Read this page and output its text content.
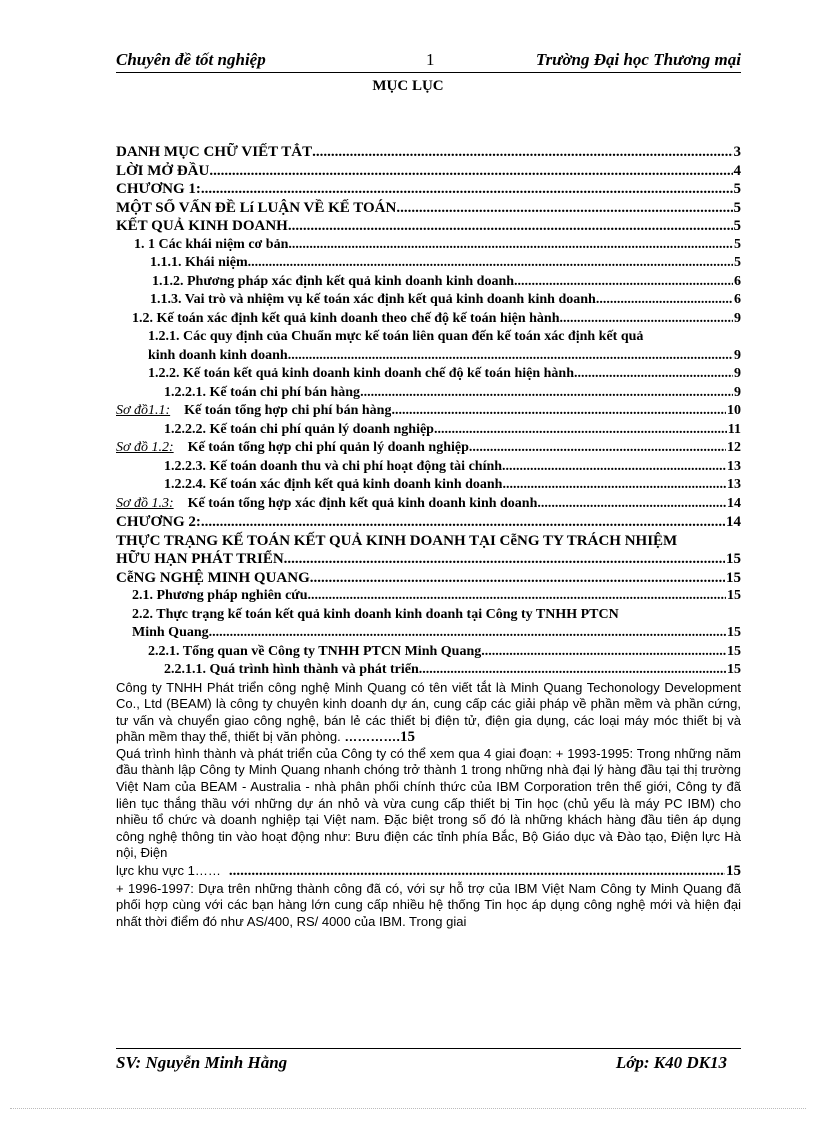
Chuyên đề tốt nghiệp	1	Trường Đại học Thương mại
MỤC LỤC
DANH MỤC CHỮ VIẾT TẮT .....	3
LỜI MỞ ĐẦU .....	4
CHƯƠNG 1: .....	5
MỘT SỐ VẤN ĐỀ Lí LUẬN VỀ KẾ TOÁN .....	5
KẾT QUẢ KINH DOANH .....	5
1. 1 Các khái niệm cơ bản .....	5
1.1.1. Khái niệm .....	5
1.1.2. Phương pháp xác định kết quả kinh doanh kinh doanh .....	6
1.1.3. Vai trò và nhiệm vụ kế toán xác định kết quả kinh doanh kinh doanh .....	6
1.2. Kế toán xác định kết quả kinh doanh theo chế độ kế toán hiện hành .....	9
1.2.1. Các quy định của Chuẩn mực kế toán liên quan đến kế toán xác định kết quả
kinh doanh kinh doanh .....	9
1.2.2. Kế toán kết quả kinh doanh kinh doanh chế độ kế toán hiện hành .....	9
1.2.2.1. Kế toán chi phí bán hàng .....	9
Sơ đồ1.1: Kế toán tổng hợp chi phí bán hàng .....	10
1.2.2.2. Kế toán chi phí quản lý doanh nghiệp .....	11
Sơ đồ 1.2: Kế toán tổng hợp chi phí quản lý doanh nghiệp .....	12
1.2.2.3. Kế toán doanh thu và chi phí hoạt động tài chính .....	13
1.2.2.4. Kế toán xác định kết quả kinh doanh kinh doanh .....	13
Sơ đồ 1.3: Kế toán tổng hợp xác định kết quả kinh doanh kinh doanh .....	14
CHƯƠNG 2: .....	14
THỰC TRẠNG KẾ TOÁN KẾT QUẢ KINH DOANH TẠI CễNG TY TRÁCH NHIỆM
HỮU HẠN PHÁT TRIỂN .....	15
CễNG NGHỆ MINH QUANG .....	15
2.1. Phương pháp nghiên cứu .....	15
2.2. Thực trạng kế toán kết quả kinh doanh kinh doanh tại Công ty TNHH PTCN
Minh Quang .....	15
2.2.1. Tổng quan về Công ty TNHH PTCN Minh Quang .....	15
2.2.1.1. Quá trình hình thành và phát triển .....	15
Công ty TNHH Phát triển công nghệ Minh Quang có tên viết tắt là Minh Quang Techonology Development Co., Ltd (BEAM) là công ty chuyên kinh doanh dự án, cung cấp các giải pháp về phần mềm và phần cứng, tư vấn và chuyển giao công nghệ, bán lẻ các thiết bị điện tử, điện gia dụng, các loại máy móc thiết bị và phần mềm thay thế, thiết bị văn phòng. ………….15
Quá trình hình thành và phát triển của Công ty có thể xem qua 4 giai đoạn: + 1993-1995: Trong những năm đầu thành lập Công ty Minh Quang nhanh chóng trở thành 1 trong những nhà đại lý hàng đầu tại thị trường Việt Nam của BEAM - Australia - nhà phân phối chính thức của IBM Corporation trên thế giới, Công ty đã liên tục thắng thầu với những dự án nhỏ và vừa cung cấp thiết bị Tin học (chủ yếu là máy PC IBM) cho nhiều tổ chức và doanh nghiệp tại Việt nam. Đặc biệt trong số đó là những khách hàng đầu tiên áp dụng công nghệ thông tin vào hoạt động như: Bưu điện các tỉnh phía Bắc, Bộ Giáo dục và Đào tạo, Điện lực Hà nội, Điện
lực khu vực 1…… .....	15
+ 1996-1997: Dựa trên những thành công đã có, với sự hỗ trợ của IBM Việt Nam Công ty Minh Quang đã phối hợp cùng với các bạn hàng lớn cung cấp nhiều hệ thống Tin học áp dụng công nghệ mới và hiện đại nhất thời điểm đó như AS/400, RS/ 4000 của IBM. Trong giai
SV: Nguyễn Minh Hằng	Lớp: K40 DK13
